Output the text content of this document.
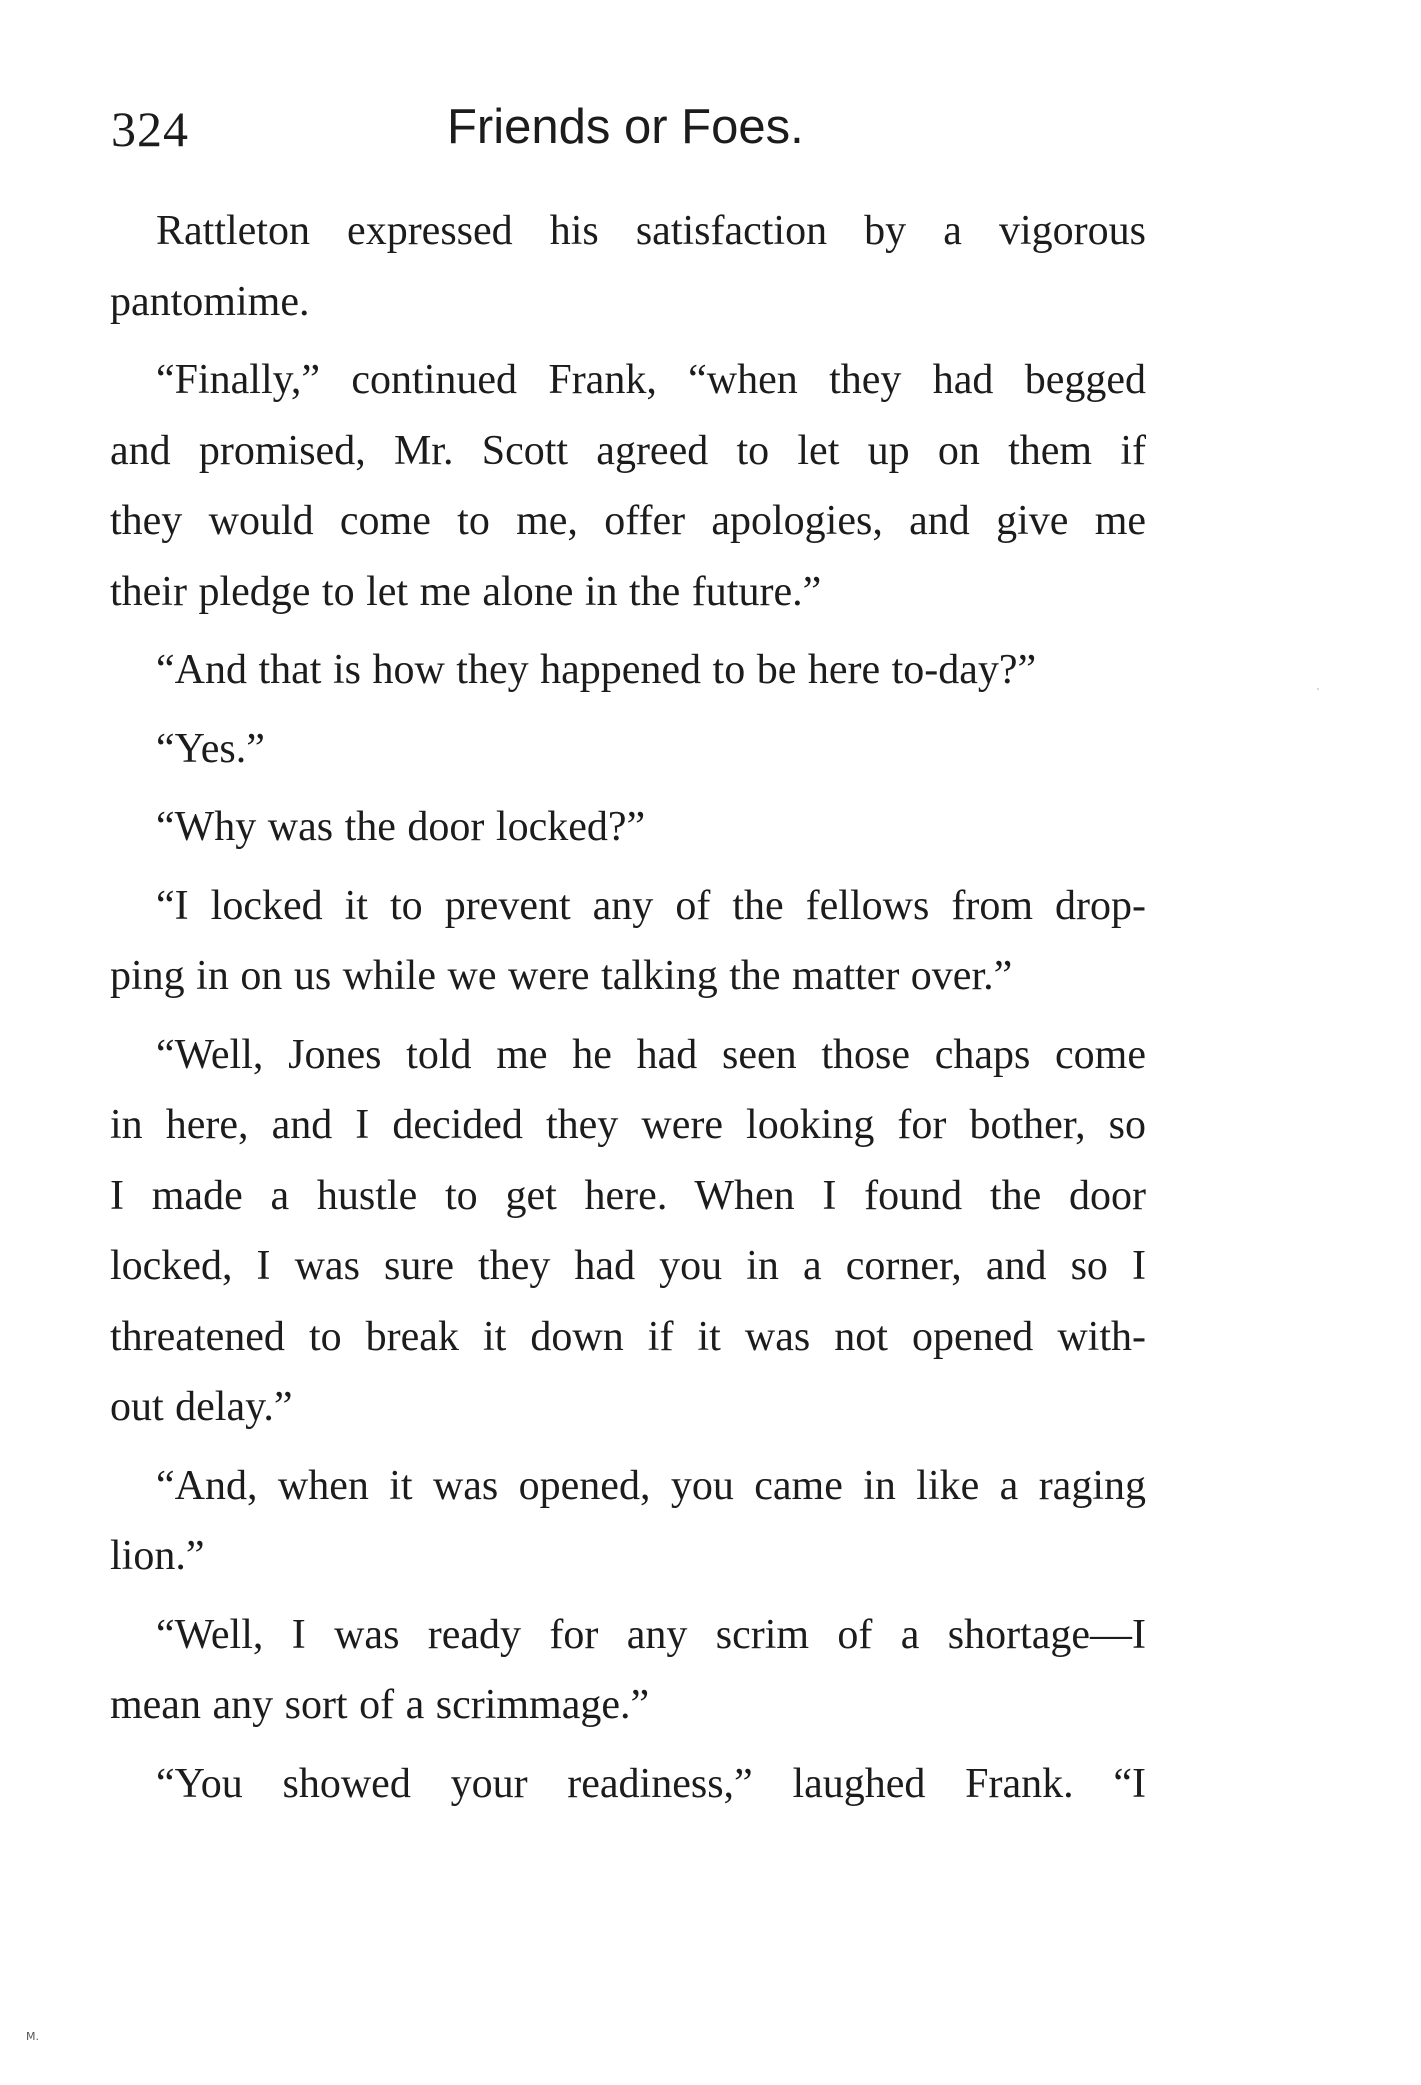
324	Friends or Foes.

Rattleton expressed his satisfaction by a vigorous
pantomime.

“Finally,” continued Frank, “when they had begged
and promised, Mr. Scott agreed to let up on them if
they would come to me, offer apologies, and give me
their pledge to let me alone in the future.”

“And that is how they happened to be here to-day?”

“Yes.”

“Why was the door locked?”

“I locked it to prevent any of the fellows from drop-
ping in on us while we were talking the matter over.”

“Well, Jones told me he had seen those chaps come
in here, and I decided they were looking for bother, so
I made a hustle to get here. When I found the door
locked, I was sure they had you in a corner, and so I
threatened to break it down if it was not opened with-
out delay.”

“And, when it was opened, you came in like a raging
lion.”

“Well, I was ready for any scrim of a shortage—I
mean any sort of a scrimmage.”

“You showed your readiness,” laughed Frank. “I

M.
